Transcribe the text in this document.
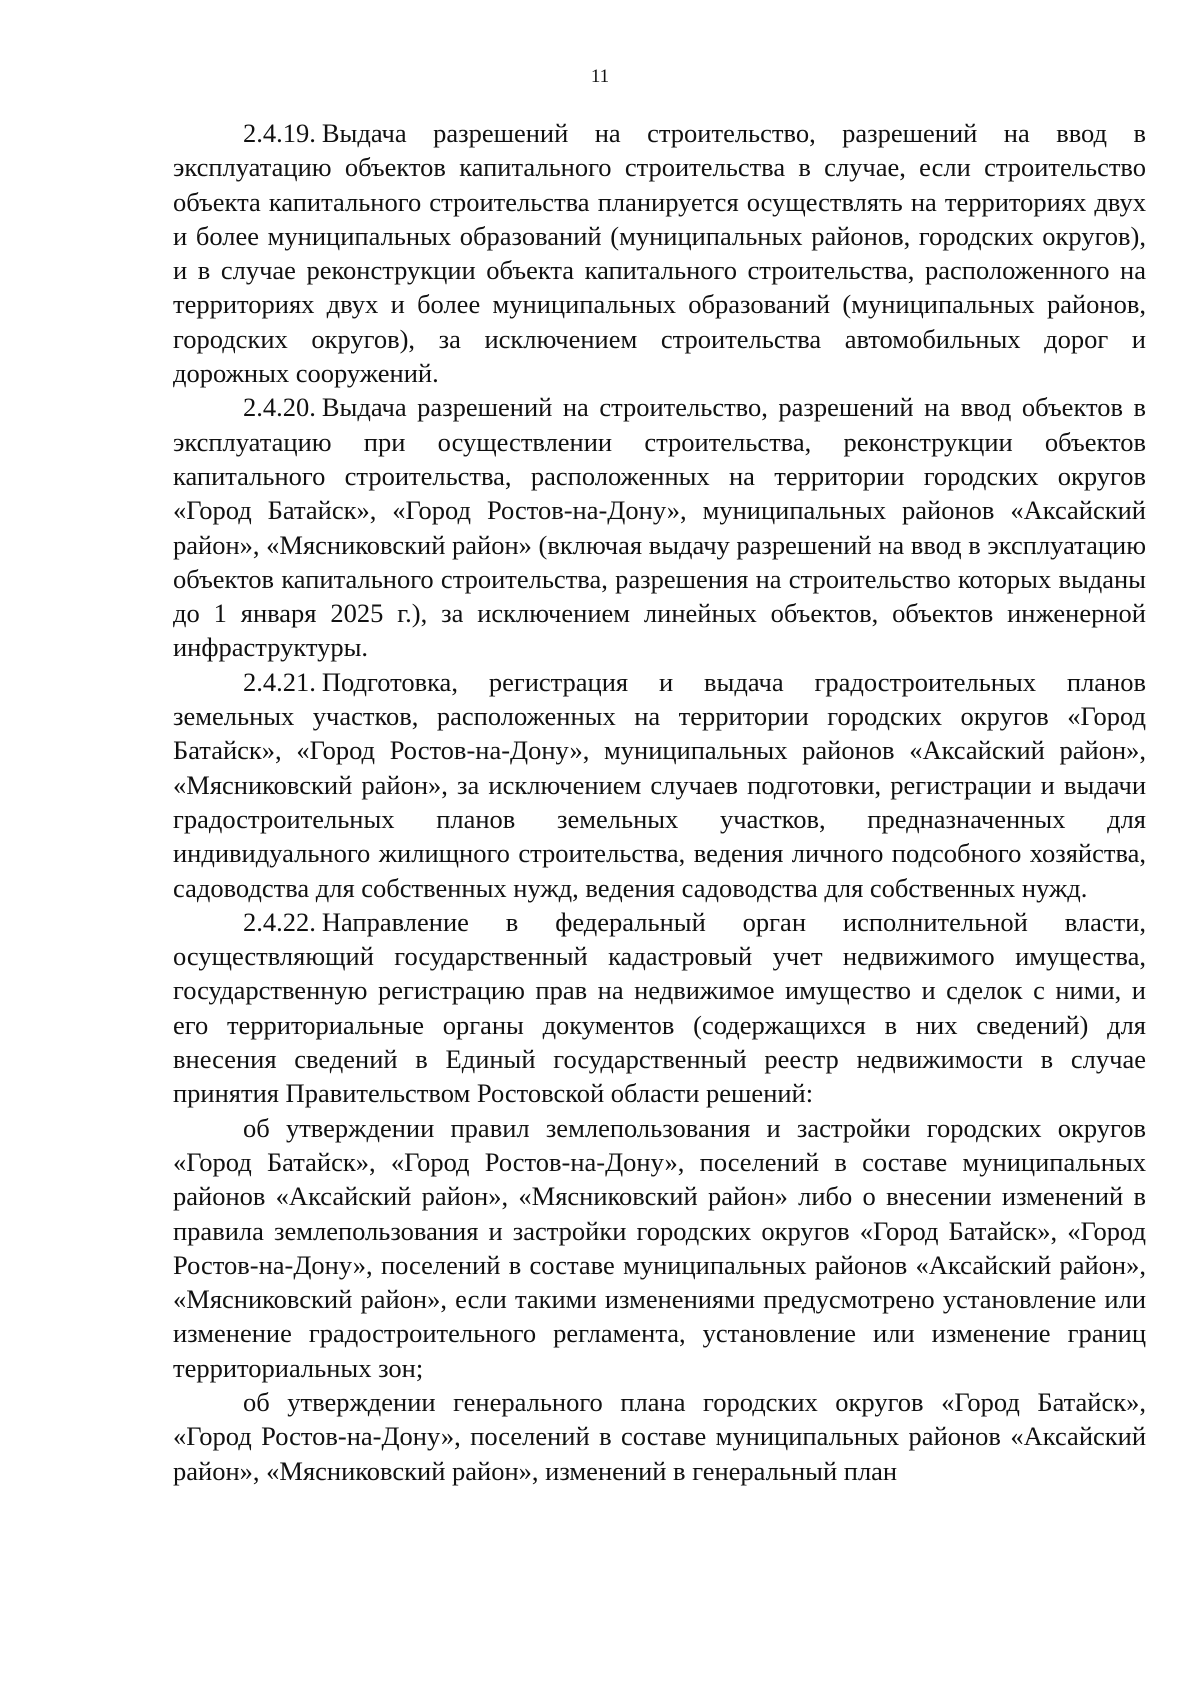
11

2.4.19. Выдача разрешений на строительство, разрешений на ввод в эксплуатацию объектов капитального строительства в случае, если строительство объекта капитального строительства планируется осуществлять на территориях двух и более муниципальных образований (муниципальных районов, городских округов), и в случае реконструкции объекта капитального строительства, расположенного на территориях двух и более муниципальных образований (муниципальных районов, городских округов), за исключением строительства автомобильных дорог и дорожных сооружений.

2.4.20. Выдача разрешений на строительство, разрешений на ввод объектов в эксплуатацию при осуществлении строительства, реконструкции объектов капитального строительства, расположенных на территории городских округов «Город Батайск», «Город Ростов-на-Дону», муниципальных районов «Аксайский район», «Мясниковский район» (включая выдачу разрешений на ввод в эксплуатацию объектов капитального строительства, разрешения на строительство которых выданы до 1 января 2025 г.), за исключением линейных объектов, объектов инженерной инфраструктуры.

2.4.21. Подготовка, регистрация и выдача градостроительных планов земельных участков, расположенных на территории городских округов «Город Батайск», «Город Ростов-на-Дону», муниципальных районов «Аксайский район», «Мясниковский район», за исключением случаев подготовки, регистрации и выдачи градостроительных планов земельных участков, предназначенных для индивидуального жилищного строительства, ведения личного подсобного хозяйства, садоводства для собственных нужд, ведения садоводства для собственных нужд.

2.4.22. Направление в федеральный орган исполнительной власти, осуществляющий государственный кадастровый учет недвижимого имущества, государственную регистрацию прав на недвижимое имущество и сделок с ними, и его территориальные органы документов (содержащихся в них сведений) для внесения сведений в Единый государственный реестр недвижимости в случае принятия Правительством Ростовской области решений:

об утверждении правил землепользования и застройки городских округов «Город Батайск», «Город Ростов-на-Дону», поселений в составе муниципальных районов «Аксайский район», «Мясниковский район» либо о внесении изменений в правила землепользования и застройки городских округов «Город Батайск», «Город Ростов-на-Дону», поселений в составе муниципальных районов «Аксайский район», «Мясниковский район», если такими изменениями предусмотрено установление или изменение градостроительного регламента, установление или изменение границ территориальных зон;

об утверждении генерального плана городских округов «Город Батайск», «Город Ростов-на-Дону», поселений в составе муниципальных районов «Аксайский район», «Мясниковский район», изменений в генеральный план
